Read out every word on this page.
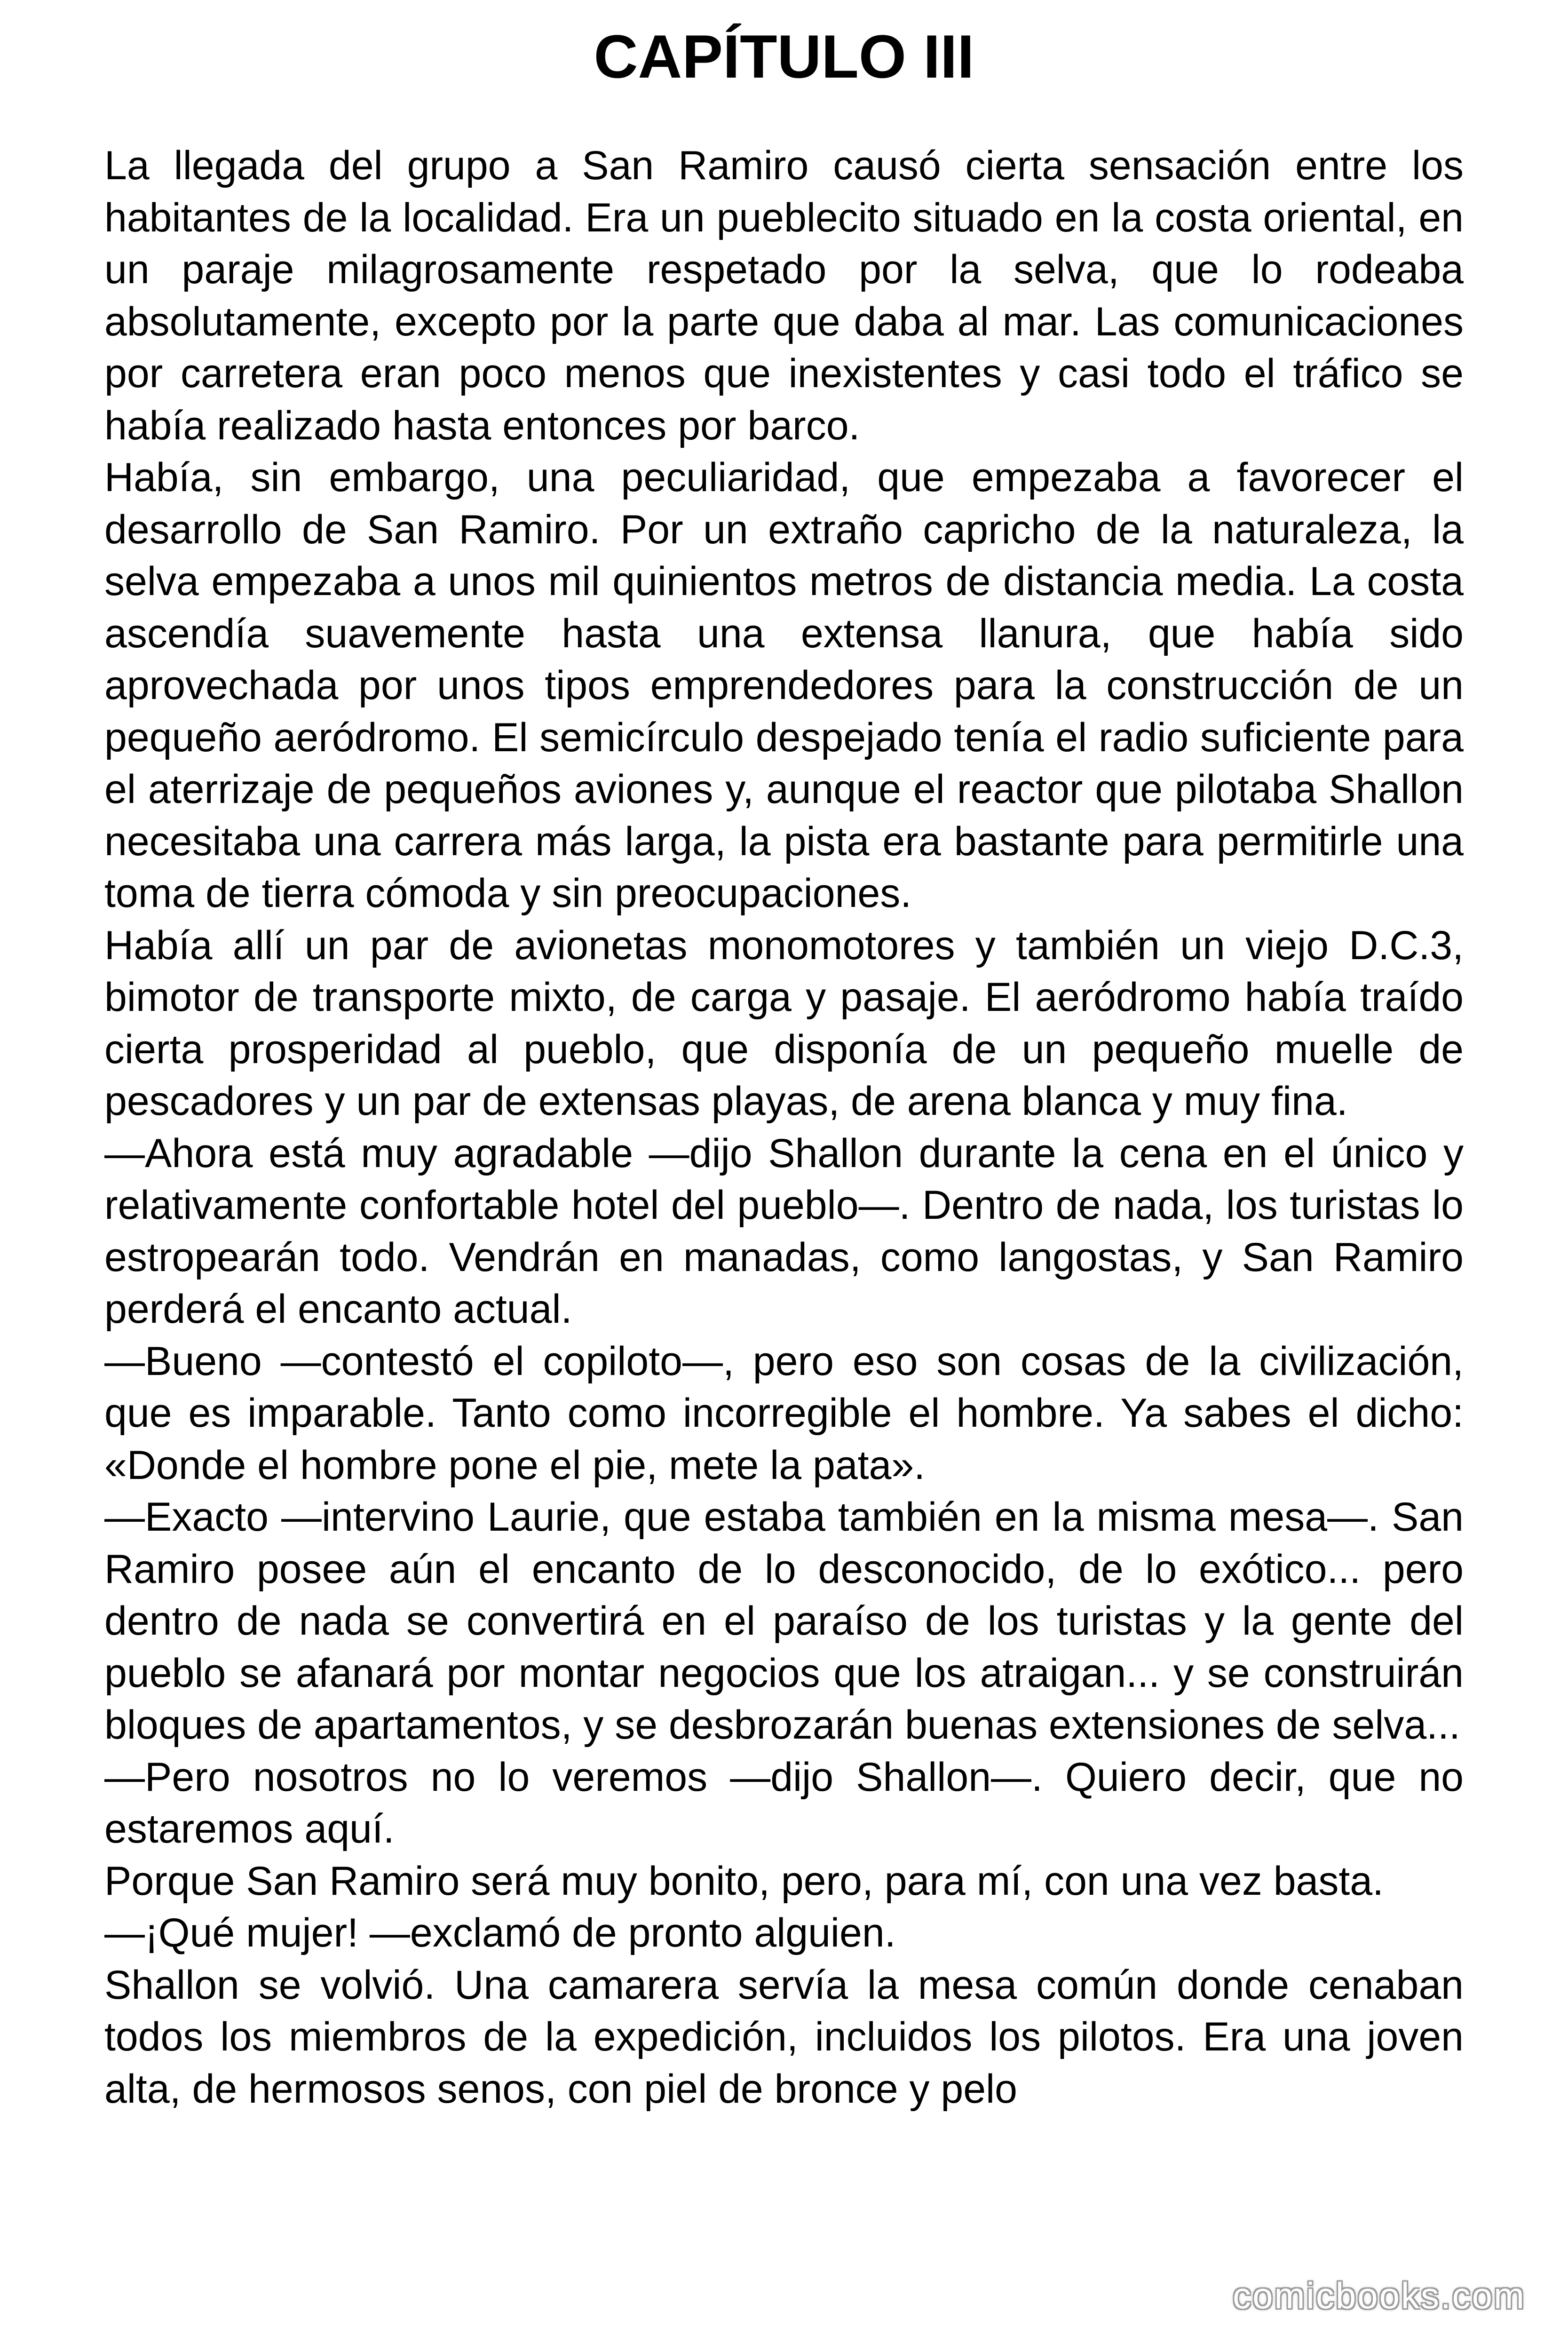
CAPÍTULO III

La llegada del grupo a San Ramiro causó cierta sensación entre los habitantes de la localidad. Era un pueblecito situado en la costa oriental, en un paraje milagrosamente respetado por la selva, que lo rodeaba absolutamente, excepto por la parte que daba al mar. Las comunicaciones por carretera eran poco menos que inexistentes y casi todo el tráfico se había realizado hasta entonces por barco.

Había, sin embargo, una peculiaridad, que empezaba a favorecer el desarrollo de San Ramiro. Por un extraño capricho de la naturaleza, la selva empezaba a unos mil quinientos metros de distancia media. La costa ascendía suavemente hasta una extensa llanura, que había sido aprovechada por unos tipos emprendedores para la construcción de un pequeño aeródromo. El semicírculo despejado tenía el radio suficiente para el aterrizaje de pequeños aviones y, aunque el reactor que pilotaba Shallon necesitaba una carrera más larga, la pista era bastante para permitirle una toma de tierra cómoda y sin preocupaciones.

Había allí un par de avionetas monomotores y también un viejo D.C.3, bimotor de transporte mixto, de carga y pasaje. El aeródromo había traído cierta prosperidad al pueblo, que disponía de un pequeño muelle de pescadores y un par de extensas playas, de arena blanca y muy fina.

—Ahora está muy agradable —dijo Shallon durante la cena en el único y relativamente confortable hotel del pueblo—. Dentro de nada, los turistas lo estropearán todo. Vendrán en manadas, como langostas, y San Ramiro perderá el encanto actual.

—Bueno —contestó el copiloto—, pero eso son cosas de la civilización, que es imparable. Tanto como incorregible el hombre. Ya sabes el dicho: «Donde el hombre pone el pie, mete la pata».

—Exacto —intervino Laurie, que estaba también en la misma mesa—. San Ramiro posee aún el encanto de lo desconocido, de lo exótico... pero dentro de nada se convertirá en el paraíso de los turistas y la gente del pueblo se afanará por montar negocios que los atraigan... y se construirán bloques de apartamentos, y se desbrozarán buenas extensiones de selva...

—Pero nosotros no lo veremos —dijo Shallon—. Quiero decir, que no estaremos aquí.

Porque San Ramiro será muy bonito, pero, para mí, con una vez basta.

—¡Qué mujer! —exclamó de pronto alguien.

Shallon se volvió. Una camarera servía la mesa común donde cenaban todos los miembros de la expedición, incluidos los pilotos. Era una joven alta, de hermosos senos, con piel de bronce y pelo

comicbooks.com
